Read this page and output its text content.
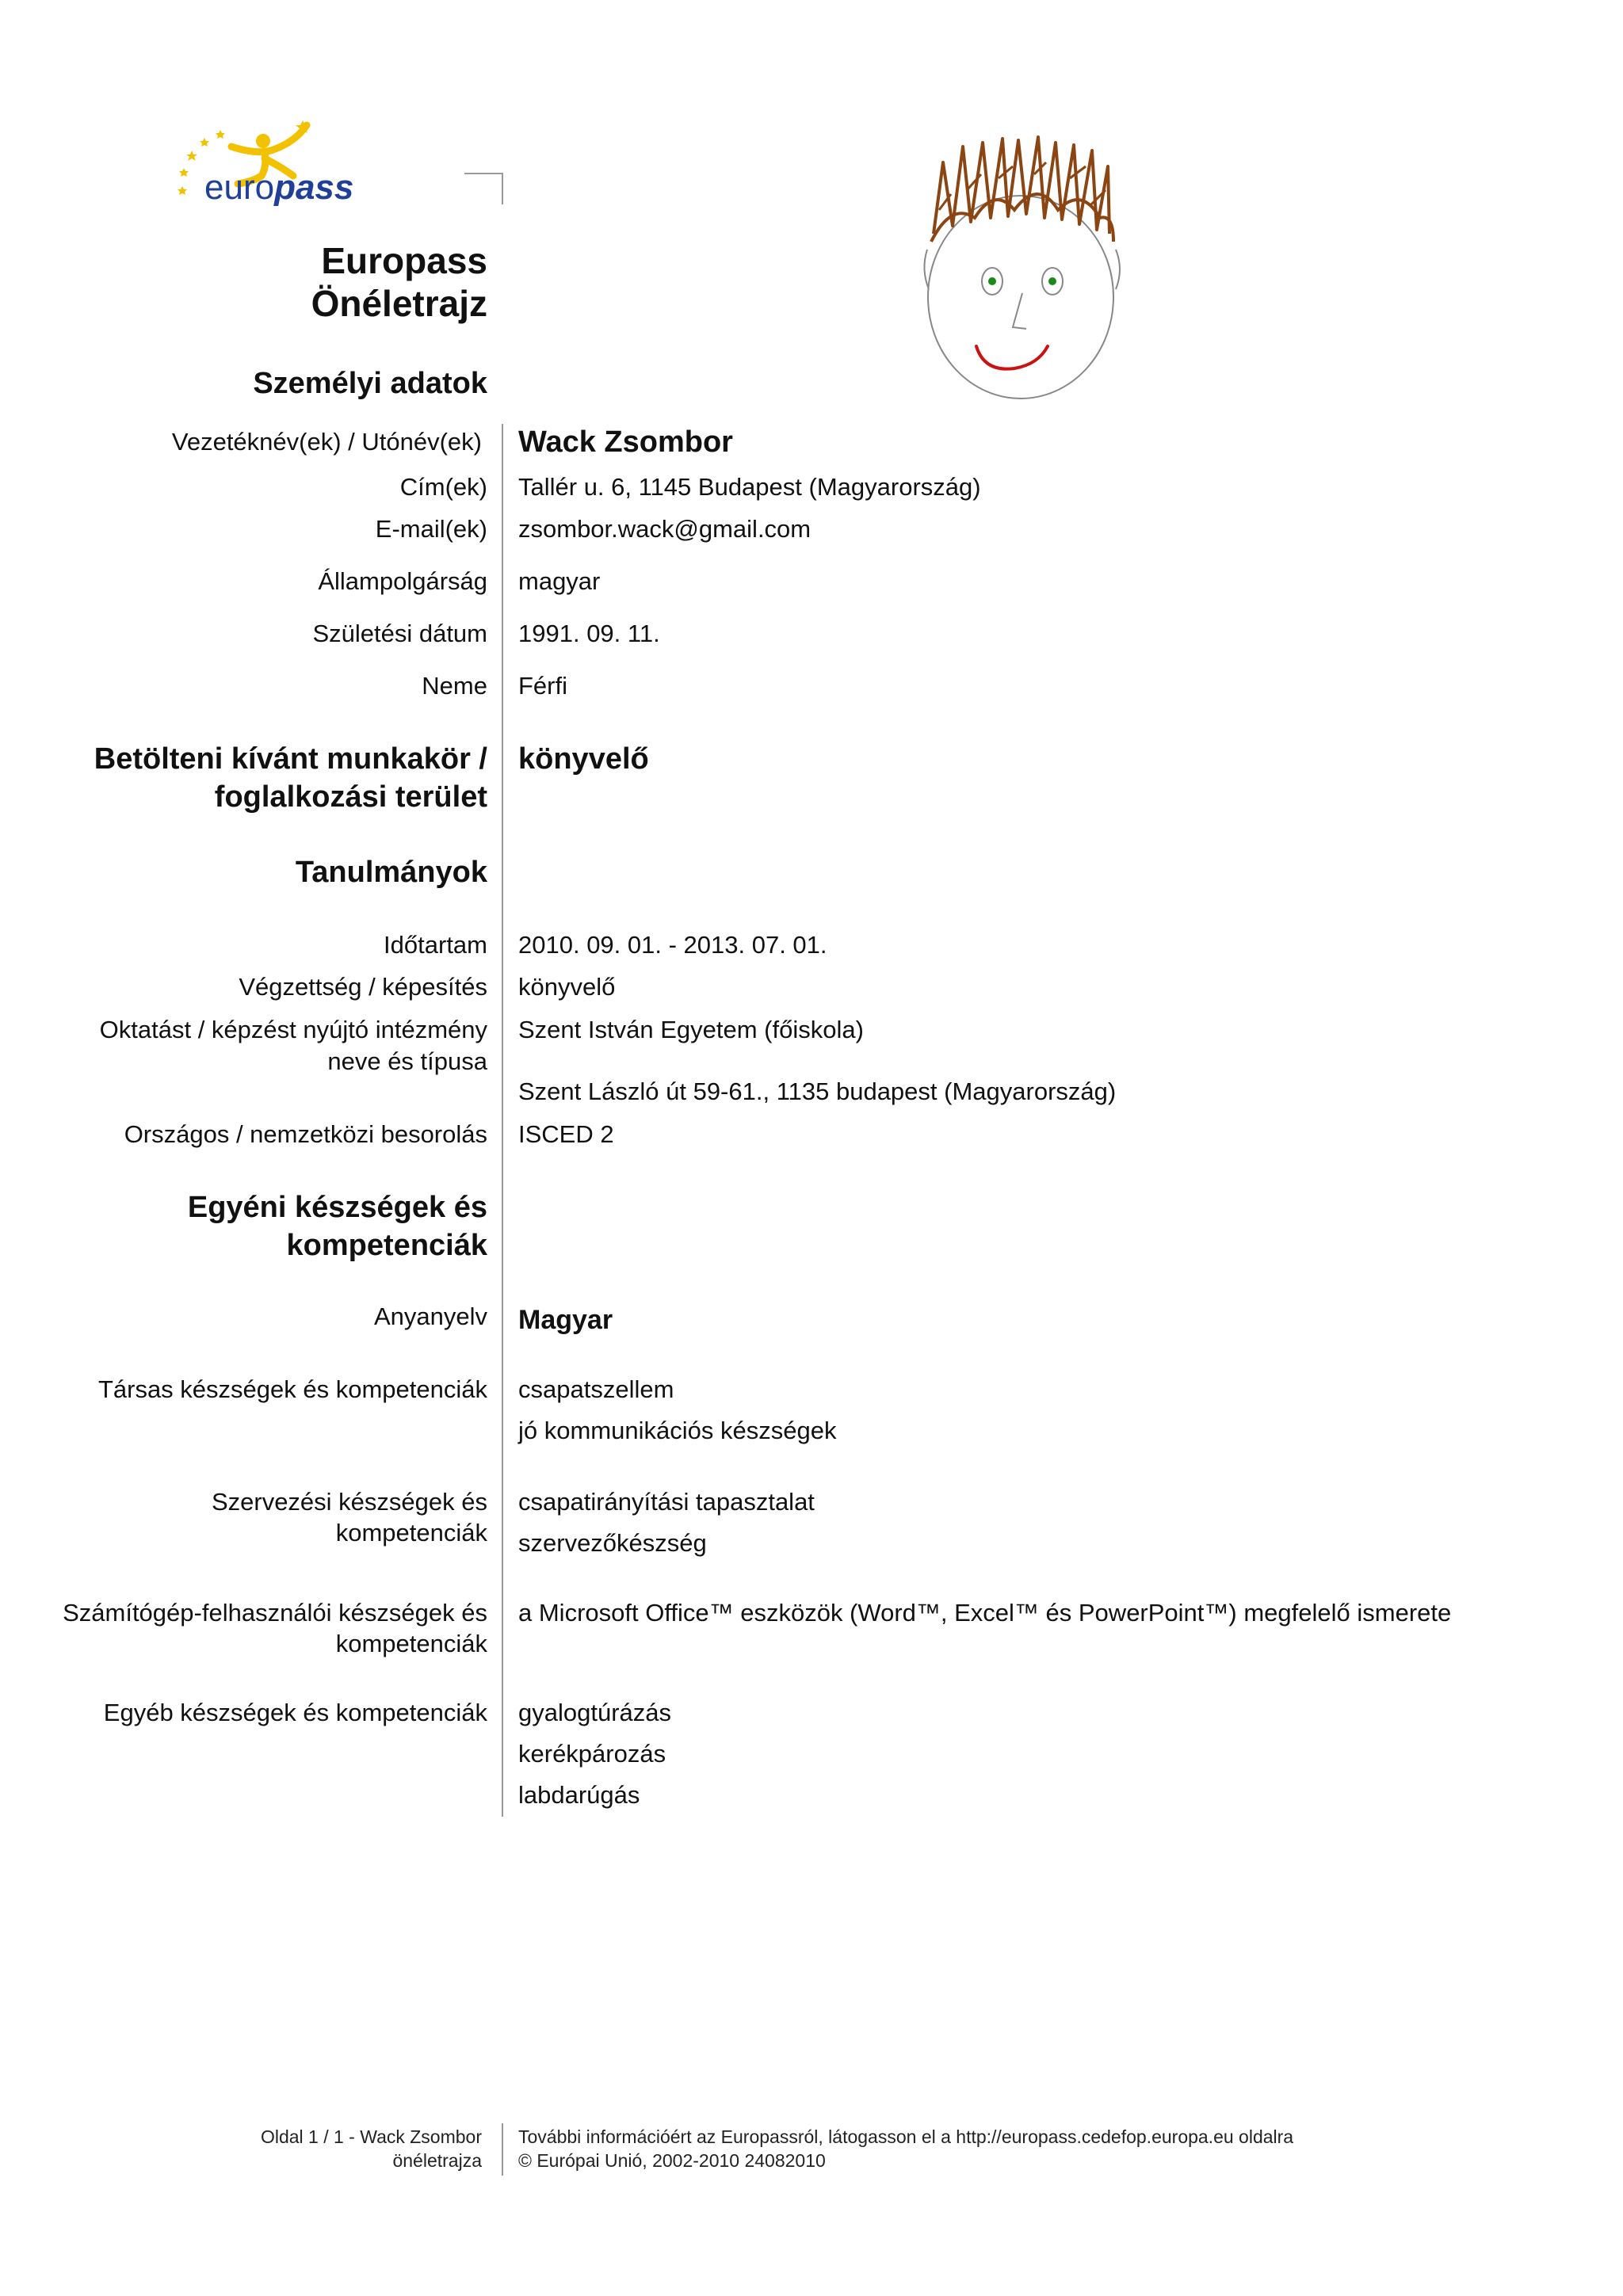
europass
Europass
Önéletrajz
Személyi adatok
Vezetéknév(ek) / Utónév(ek) Wack Zsombor
Cím(ek) Tallér u. 6, 1145 Budapest (Magyarország)
E-mail(ek) zsombor.wack@gmail.com
Állampolgárság magyar
Születési dátum 1991. 09. 11.
Neme Férfi
Betölteni kívánt munkakör /
foglalkozási terület
könyvelő
Tanulmányok
Időtartam 2010. 09. 01. - 2013. 07. 01.
Végzettség / képesítés könyvelő
Oktatást / képzést nyújtó intézmény
neve és típusa
Szent István Egyetem (főiskola)
Szent László út 59-61., 1135 budapest (Magyarország)
Országos / nemzetközi besorolás ISCED 2
Egyéni készségek és
kompetenciák
Anyanyelv Magyar
Társas készségek és kompetenciák csapatszellem
jó kommunikációs készségek
Szervezési készségek és
kompetenciák
csapatirányítási tapasztalat
szervezőkészség
Számítógép-felhasználói készségek és
kompetenciák
a Microsoft Office™ eszközök (Word™, Excel™ és PowerPoint™) megfelelő ismerete
Egyéb készségek és kompetenciák gyalogtúrázás
kerékpározás
labdarúgás
Oldal 1 / 1 - Wack Zsombor
önéletrajza
További információért az Europassról, látogasson el a http://europass.cedefop.europa.eu oldalra
© Európai Unió, 2002-2010 24082010
